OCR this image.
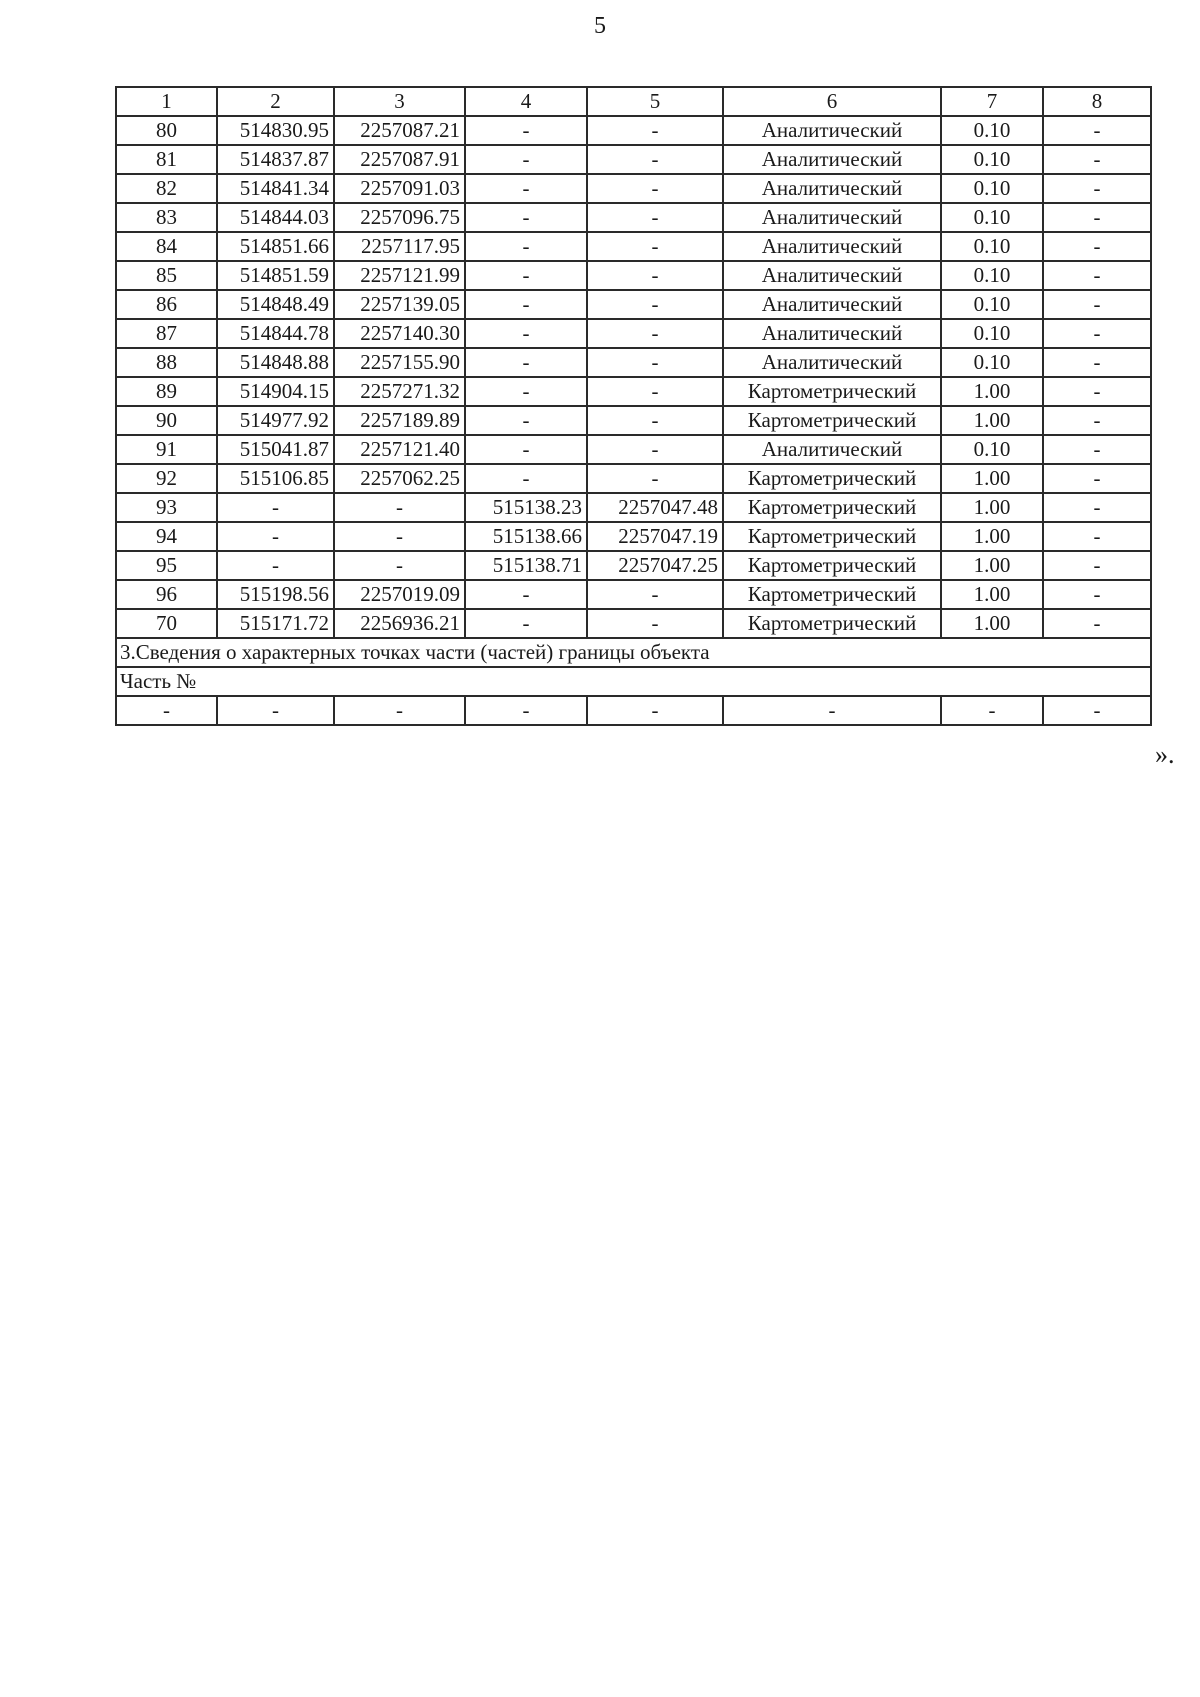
5
1	2	3	4	5	6	7	8
80	514830.95	2257087.21	-	-	Аналитический	0.10	-
81	514837.87	2257087.91	-	-	Аналитический	0.10	-
82	514841.34	2257091.03	-	-	Аналитический	0.10	-
83	514844.03	2257096.75	-	-	Аналитический	0.10	-
84	514851.66	2257117.95	-	-	Аналитический	0.10	-
85	514851.59	2257121.99	-	-	Аналитический	0.10	-
86	514848.49	2257139.05	-	-	Аналитический	0.10	-
87	514844.78	2257140.30	-	-	Аналитический	0.10	-
88	514848.88	2257155.90	-	-	Аналитический	0.10	-
89	514904.15	2257271.32	-	-	Картометрический	1.00	-
90	514977.92	2257189.89	-	-	Картометрический	1.00	-
91	515041.87	2257121.40	-	-	Аналитический	0.10	-
92	515106.85	2257062.25	-	-	Картометрический	1.00	-
93	-	-	515138.23	2257047.48	Картометрический	1.00	-
94	-	-	515138.66	2257047.19	Картометрический	1.00	-
95	-	-	515138.71	2257047.25	Картометрический	1.00	-
96	515198.56	2257019.09	-	-	Картометрический	1.00	-
70	515171.72	2256936.21	-	-	Картометрический	1.00	-
3.Сведения о характерных точках части (частей) границы объекта							
Часть №							
-	-	-	-	-	-	-	-
».
